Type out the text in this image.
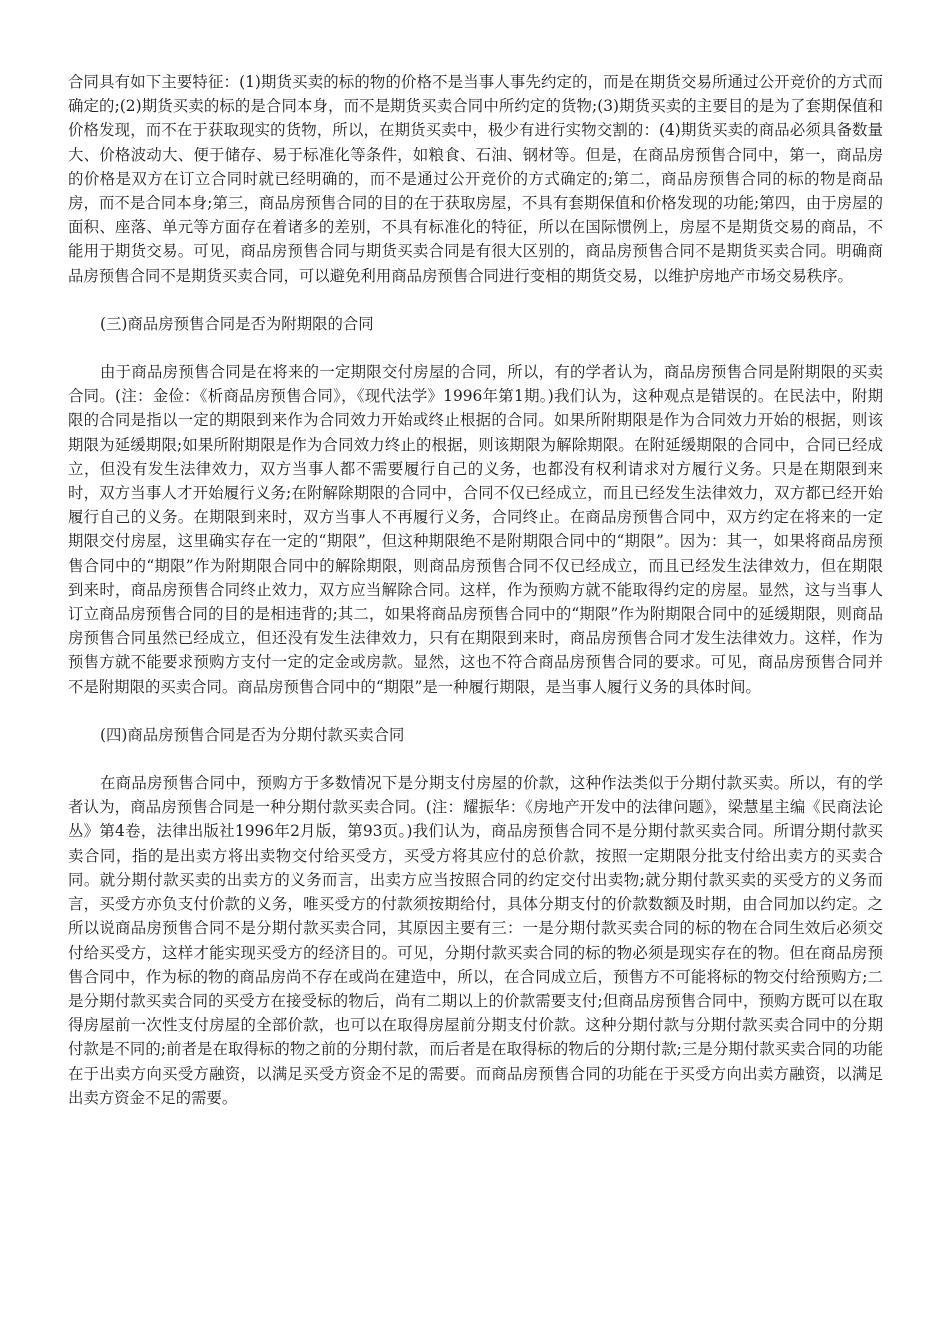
合同具有如下主要特征：(1)期货买卖的标的物的价格不是当事人事先约定的，而是在期货交易所通过公开竞价的方式而确定的;(2)期货买卖的标的是合同本身，而不是期货买卖合同中所约定的货物;(3)期货买卖的主要目的是为了套期保值和价格发现，而不在于获取现实的货物，所以，在期货买卖中，极少有进行实物交割的：(4)期货买卖的商品必须具备数量大、价格波动大、便于储存、易于标准化等条件，如粮食、石油、钢材等。但是，在商品房预售合同中，第一，商品房的价格是双方在订立合同时就已经明确的，而不是通过公开竞价的方式确定的;第二，商品房预售合同的标的物是商品房，而不是合同本身;第三，商品房预售合同的目的在于获取房屋，不具有套期保值和价格发现的功能;第四，由于房屋的面积、座落、单元等方面存在着诸多的差别，不具有标准化的特征，所以在国际惯例上，房屋不是期货交易的商品，不能用于期货交易。可见，商品房预售合同与期货买卖合同是有很大区别的，商品房预售合同不是期货买卖合同。明确商品房预售合同不是期货买卖合同，可以避免利用商品房预售合同进行变相的期货交易，以维护房地产市场交易秩序。

(三)商品房预售合同是否为附期限的合同

由于商品房预售合同是在将来的一定期限交付房屋的合同，所以，有的学者认为，商品房预售合同是附期限的买卖合同。(注：金俭：《析商品房预售合同》，《现代法学》1996年第1期。)我们认为，这种观点是错误的。在民法中，附期限的合同是指以一定的期限到来作为合同效力开始或终止根据的合同。如果所附期限是作为合同效力开始的根据，则该期限为延缓期限;如果所附期限是作为合同效力终止的根据，则该期限为解除期限。在附延缓期限的合同中，合同已经成立，但没有发生法律效力，双方当事人都不需要履行自己的义务，也都没有权利请求对方履行义务。只是在期限到来时，双方当事人才开始履行义务;在附解除期限的合同中，合同不仅已经成立，而且已经发生法律效力，双方都已经开始履行自己的义务。在期限到来时，双方当事人不再履行义务，合同终止。在商品房预售合同中，双方约定在将来的一定期限交付房屋，这里确实存在一定的“期限”，但这种期限绝不是附期限合同中的“期限”。因为：其一，如果将商品房预售合同中的“期限”作为附期限合同中的解除期限，则商品房预售合同不仅已经成立，而且已经发生法律效力，但在期限到来时，商品房预售合同终止效力，双方应当解除合同。这样，作为预购方就不能取得约定的房屋。显然，这与当事人订立商品房预售合同的目的是相违背的;其二，如果将商品房预售合同中的“期限”作为附期限合同中的延缓期限，则商品房预售合同虽然已经成立，但还没有发生法律效力，只有在期限到来时，商品房预售合同才发生法律效力。这样，作为预售方就不能要求预购方支付一定的定金或房款。显然，这也不符合商品房预售合同的要求。可见，商品房预售合同并不是附期限的买卖合同。商品房预售合同中的“期限”是一种履行期限，是当事人履行义务的具体时间。

(四)商品房预售合同是否为分期付款买卖合同

在商品房预售合同中，预购方于多数情况下是分期支付房屋的价款，这种作法类似于分期付款买卖。所以，有的学者认为，商品房预售合同是一种分期付款买卖合同。(注：耀振华：《房地产开发中的法律问题》，梁慧星主编《民商法论丛》第4卷，法律出版社1996年2月版，第93页。)我们认为，商品房预售合同不是分期付款买卖合同。所谓分期付款买卖合同，指的是出卖方将出卖物交付给买受方，买受方将其应付的总价款，按照一定期限分批支付给出卖方的买卖合同。就分期付款买卖的出卖方的义务而言，出卖方应当按照合同的约定交付出卖物;就分期付款买卖的买受方的义务而言，买受方亦负支付价款的义务，唯买受方的付款须按期给付，具体分期支付的价款数额及时期，由合同加以约定。之所以说商品房预售合同不是分期付款买卖合同，其原因主要有三：一是分期付款买卖合同的标的物在合同生效后必须交付给买受方，这样才能实现买受方的经济目的。可见，分期付款买卖合同的标的物必须是现实存在的物。但在商品房预售合同中，作为标的物的商品房尚不存在或尚在建造中，所以，在合同成立后，预售方不可能将标的物交付给预购方;二是分期付款买卖合同的买受方在接受标的物后，尚有二期以上的价款需要支付;但商品房预售合同中，预购方既可以在取得房屋前一次性支付房屋的全部价款，也可以在取得房屋前分期支付价款。这种分期付款与分期付款买卖合同中的分期付款是不同的;前者是在取得标的物之前的分期付款，而后者是在取得标的物后的分期付款;三是分期付款买卖合同的功能在于出卖方向买受方融资，以满足买受方资金不足的需要。而商品房预售合同的功能在于买受方向出卖方融资，以满足出卖方资金不足的需要。
